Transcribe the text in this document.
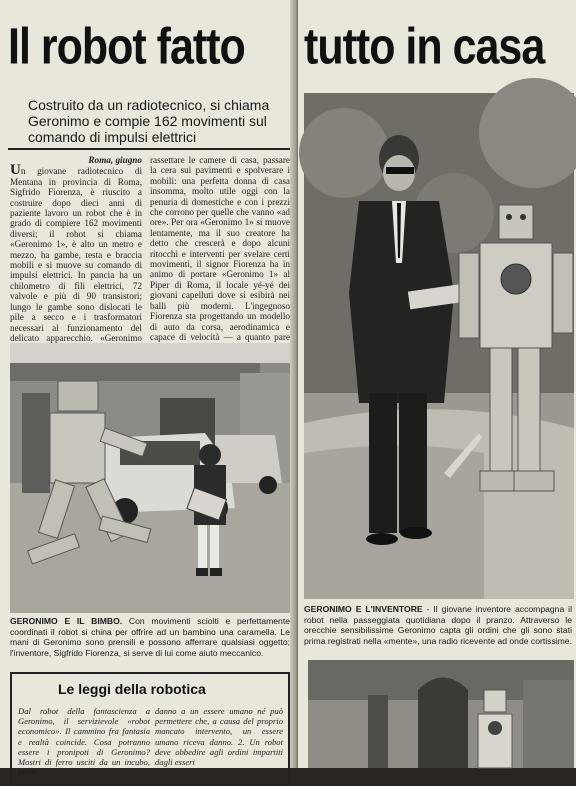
Il robot fatto
Costruito da un radiotecnico, si chiama Geronimo e compie 162 movimenti sul comando di impulsi elettrici
Roma, giugno
Un giovane radiotecnico di Mentana in provincia di Roma, Sigfrido Fiorenza, è riuscito a costruire dopo dieci anni di paziente lavoro un robot che è in grado di compiere 162 movimenti diversi; il robot si chiama «Geronimo 1», è alto un metro e mezzo, ha gambe, testa e braccia mobili e si muove su comando di impulsi elettrici. In pancia ha un chilometro di fili elettrici, 72 valvole e più di 90 transistori; lungo le gambe sono dislocati le pile a secco e i trasformatori necessari al funzionamento del delicato apparecchio. «Geronimo
rassettare le camere di casa, passare la cera sui pavimenti e spolverare i mobili: una perfetta donna di casa insomma, molto utile oggi con la penuria di domestiche e con i prezzi che corrono per quelle che vanno «ad ore». Per ora «Geronimo 1» si muove lentamente, ma il suo creatore ha detto che crescerà e dopo alcuni ritocchi e interventi per svelare certi movimenti, il signor Fiorenza ha in animo di portare «Geronimo 1» al Piper di Roma, il locale yé-yé dei giovani capelluti dove si esibirà nei balli più moderni. L'ingegnoso Fiorenza sta progettando un modello di auto da corsa, aerodinamica e capace di velocità — a quanto pare
GERONIMO E IL BIMBO. Con movimenti sciolti e perfettamente coordinati il robot si china per offrire ad un bambino una caramella. Le mani di Geronimo sono prensili e possono afferrare qualsiasi oggetto; l'inventore, Sigfrido Fiorenza, si serve di lui come aiuto meccanico.
Le leggi della robotica
Dal robot della fantascienza a Geronimo, il servizievole «robot economico». Il cammino fra fantasia e realtà coincide. Cosa potranno essere i pronipoti di Geronimo? Mostri di ferro usciti da un incubo, pron-
danno a un essere umano né può permettere che, a causa del proprio mancato intervento, un essere umano riceva danno. 2. Un robot deve obbedire agli ordini impartiti dagli esseri
tutto in casa
GERONIMO E L'INVENTORE - Il giovane inventore accompagna il robot nella passeggiata quotidiana dopo il pranzo. Attraverso le orecchie sensibilissime Geronimo capta gli ordini che gli sono stati prima registrati nella «mente», una radio ricevente ad onde cortissime.
